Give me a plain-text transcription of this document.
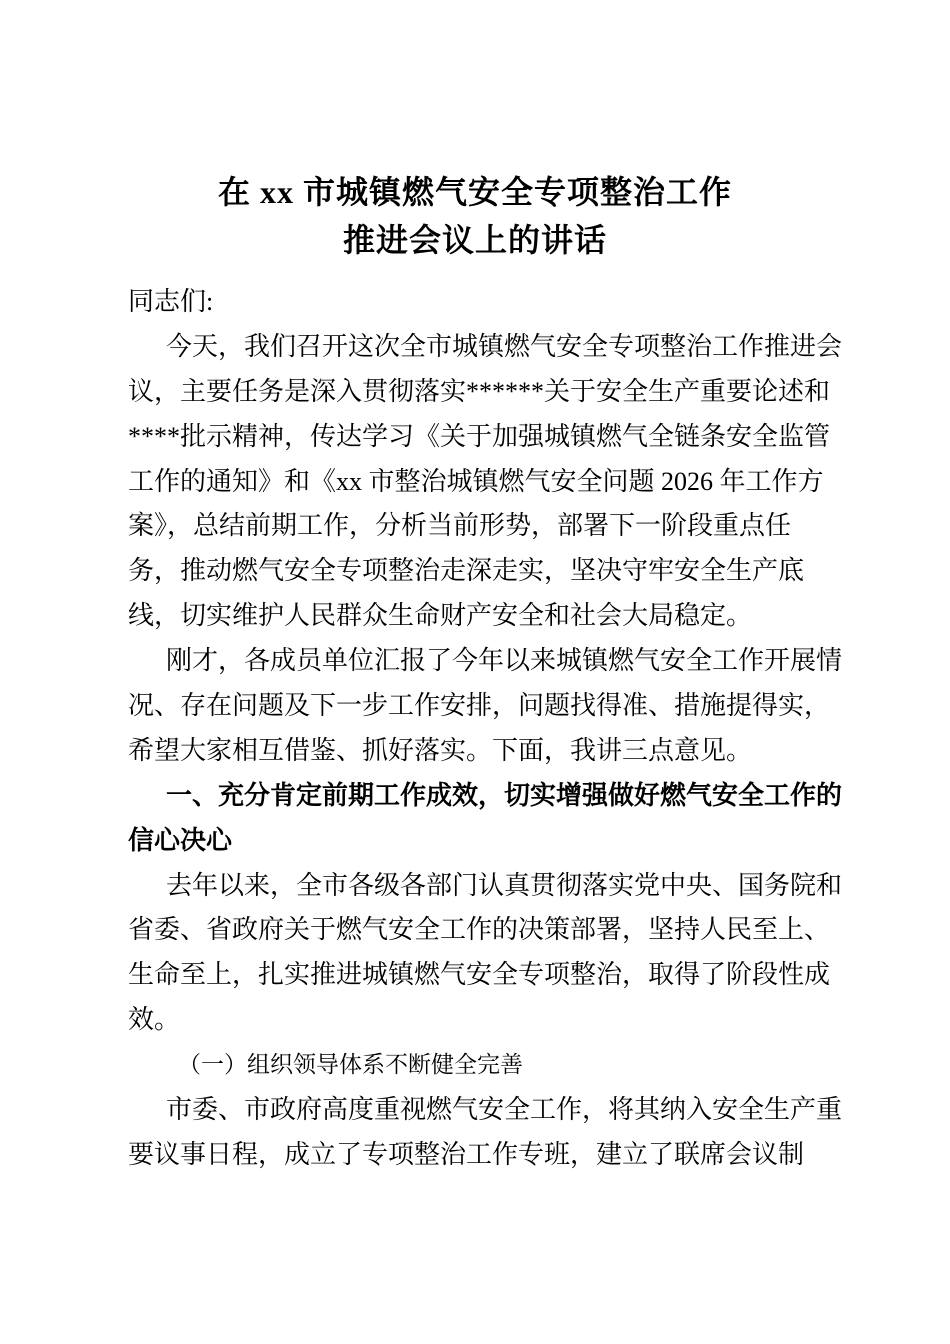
在 xx 市城镇燃气安全专项整治工作
推进会议上的讲话
同志们:
今天，我们召开这次全市城镇燃气安全专项整治工作推进会
议，主要任务是深入贯彻落实******关于安全生产重要论述和
****批示精神，传达学习《关于加强城镇燃气全链条安全监管
工作的通知》和《xx 市整治城镇燃气安全问题 2026 年工作方
案》，总结前期工作，分析当前形势，部署下一阶段重点任
务，推动燃气安全专项整治走深走实，坚决守牢安全生产底
线，切实维护人民群众生命财产安全和社会大局稳定。
刚才，各成员单位汇报了今年以来城镇燃气安全工作开展情
况、存在问题及下一步工作安排，问题找得准、措施提得实，
希望大家相互借鉴、抓好落实。下面，我讲三点意见。
一、充分肯定前期工作成效，切实增强做好燃气安全工作的
信心决心
去年以来，全市各级各部门认真贯彻落实党中央、国务院和
省委、省政府关于燃气安全工作的决策部署，坚持人民至上、
生命至上，扎实推进城镇燃气安全专项整治，取得了阶段性成
效。
（一）组织领导体系不断健全完善
市委、市政府高度重视燃气安全工作，将其纳入安全生产重
要议事日程，成立了专项整治工作专班，建立了联席会议制
